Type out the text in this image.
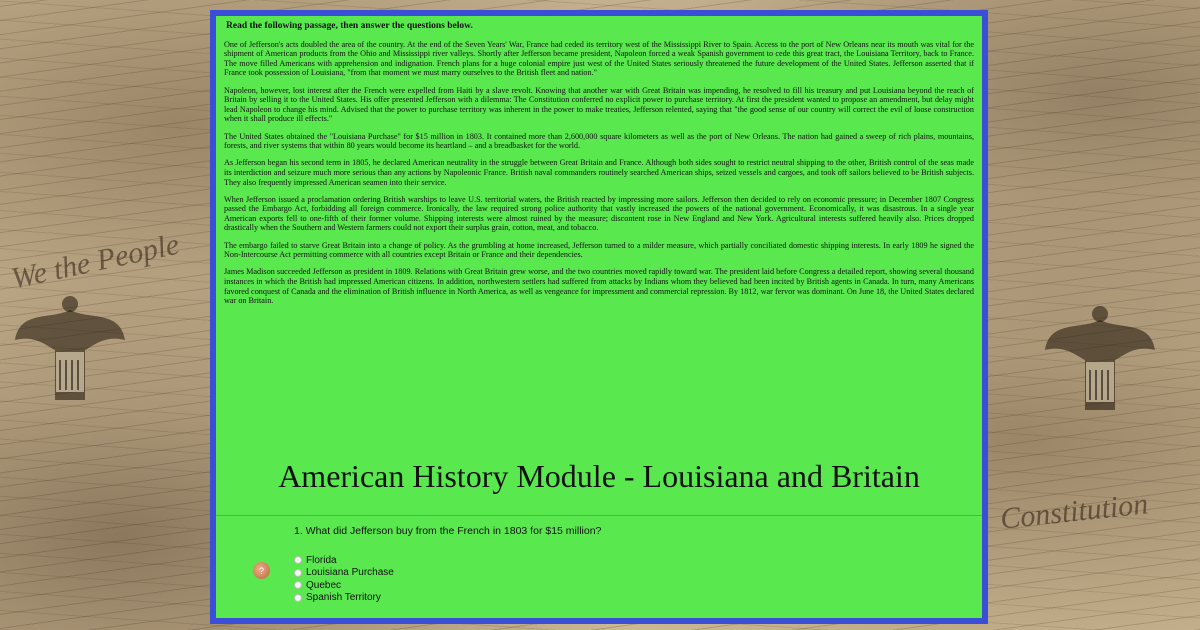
We the People
Constitution
Read the following passage, then answer the questions below.

One of Jefferson's acts doubled the area of the country. At the end of the Seven Years' War, France had ceded its territory west of the Mississippi River to Spain. Access to the port of New Orleans near its mouth was vital for the shipment of American products from the Ohio and Mississippi river valleys. Shortly after Jefferson became president, Napoleon forced a weak Spanish government to cede this great tract, the Louisiana Territory, back to France. The move filled Americans with apprehension and indignation. French plans for a huge colonial empire just west of the United States seriously threatened the future development of the United States. Jefferson asserted that if France took possession of Louisiana, "from that moment we must marry ourselves to the British fleet and nation."

Napoleon, however, lost interest after the French were expelled from Haiti by a slave revolt. Knowing that another war with Great Britain was impending, he resolved to fill his treasury and put Louisiana beyond the reach of Britain by selling it to the United States. His offer presented Jefferson with a dilemma: The Constitution conferred no explicit power to purchase territory. At first the president wanted to propose an amendment, but delay might lead Napoleon to change his mind. Advised that the power to purchase territory was inherent in the power to make treaties, Jefferson relented, saying that "the good sense of our country will correct the evil of loose construction when it shall produce ill effects."

The United States obtained the "Louisiana Purchase" for $15 million in 1803. It contained more than 2,600,000 square kilometers as well as the port of New Orleans. The nation had gained a sweep of rich plains, mountains, forests, and river systems that within 80 years would become its heartland – and a breadbasket for the world.

As Jefferson began his second term in 1805, he declared American neutrality in the struggle between Great Britain and France. Although both sides sought to restrict neutral shipping to the other, British control of the seas made its interdiction and seizure much more serious than any actions by Napoleonic France. British naval commanders routinely searched American ships, seized vessels and cargoes, and took off sailors believed to be British subjects. They also frequently impressed American seamen into their service.

When Jefferson issued a proclamation ordering British warships to leave U.S. territorial waters, the British reacted by impressing more sailors. Jefferson then decided to rely on economic pressure; in December 1807 Congress passed the Embargo Act, forbidding all foreign commerce. Ironically, the law required strong police authority that vastly increased the powers of the national government. Economically, it was disastrous. In a single year American exports fell to one-fifth of their former volume. Shipping interests were almost ruined by the measure; discontent rose in New England and New York. Agricultural interests suffered heavily also. Prices dropped drastically when the Southern and Western farmers could not export their surplus grain, cotton, meat, and tobacco.

The embargo failed to starve Great Britain into a change of policy. As the grumbling at home increased, Jefferson turned to a milder measure, which partially conciliated domestic shipping interests. In early 1809 he signed the Non-Intercourse Act permitting commerce with all countries except Britain or France and their dependencies.

James Madison succeeded Jefferson as president in 1809. Relations with Great Britain grew worse, and the two countries moved rapidly toward war. The president laid before Congress a detailed report, showing several thousand instances in which the British had impressed American citizens. In addition, northwestern settlers had suffered from attacks by Indians whom they believed had been incited by British agents in Canada. In turn, many Americans favored conquest of Canada and the elimination of British influence in North America, as well as vengeance for impressment and commercial repression. By 1812, war fervor was dominant. On June 18, the United States declared war on Britain.

American History Module - Louisiana and Britain
1. What did Jefferson buy from the French in 1803 for $15 million?
?
Florida
Louisiana Purchase
Quebec
Spanish Territory
